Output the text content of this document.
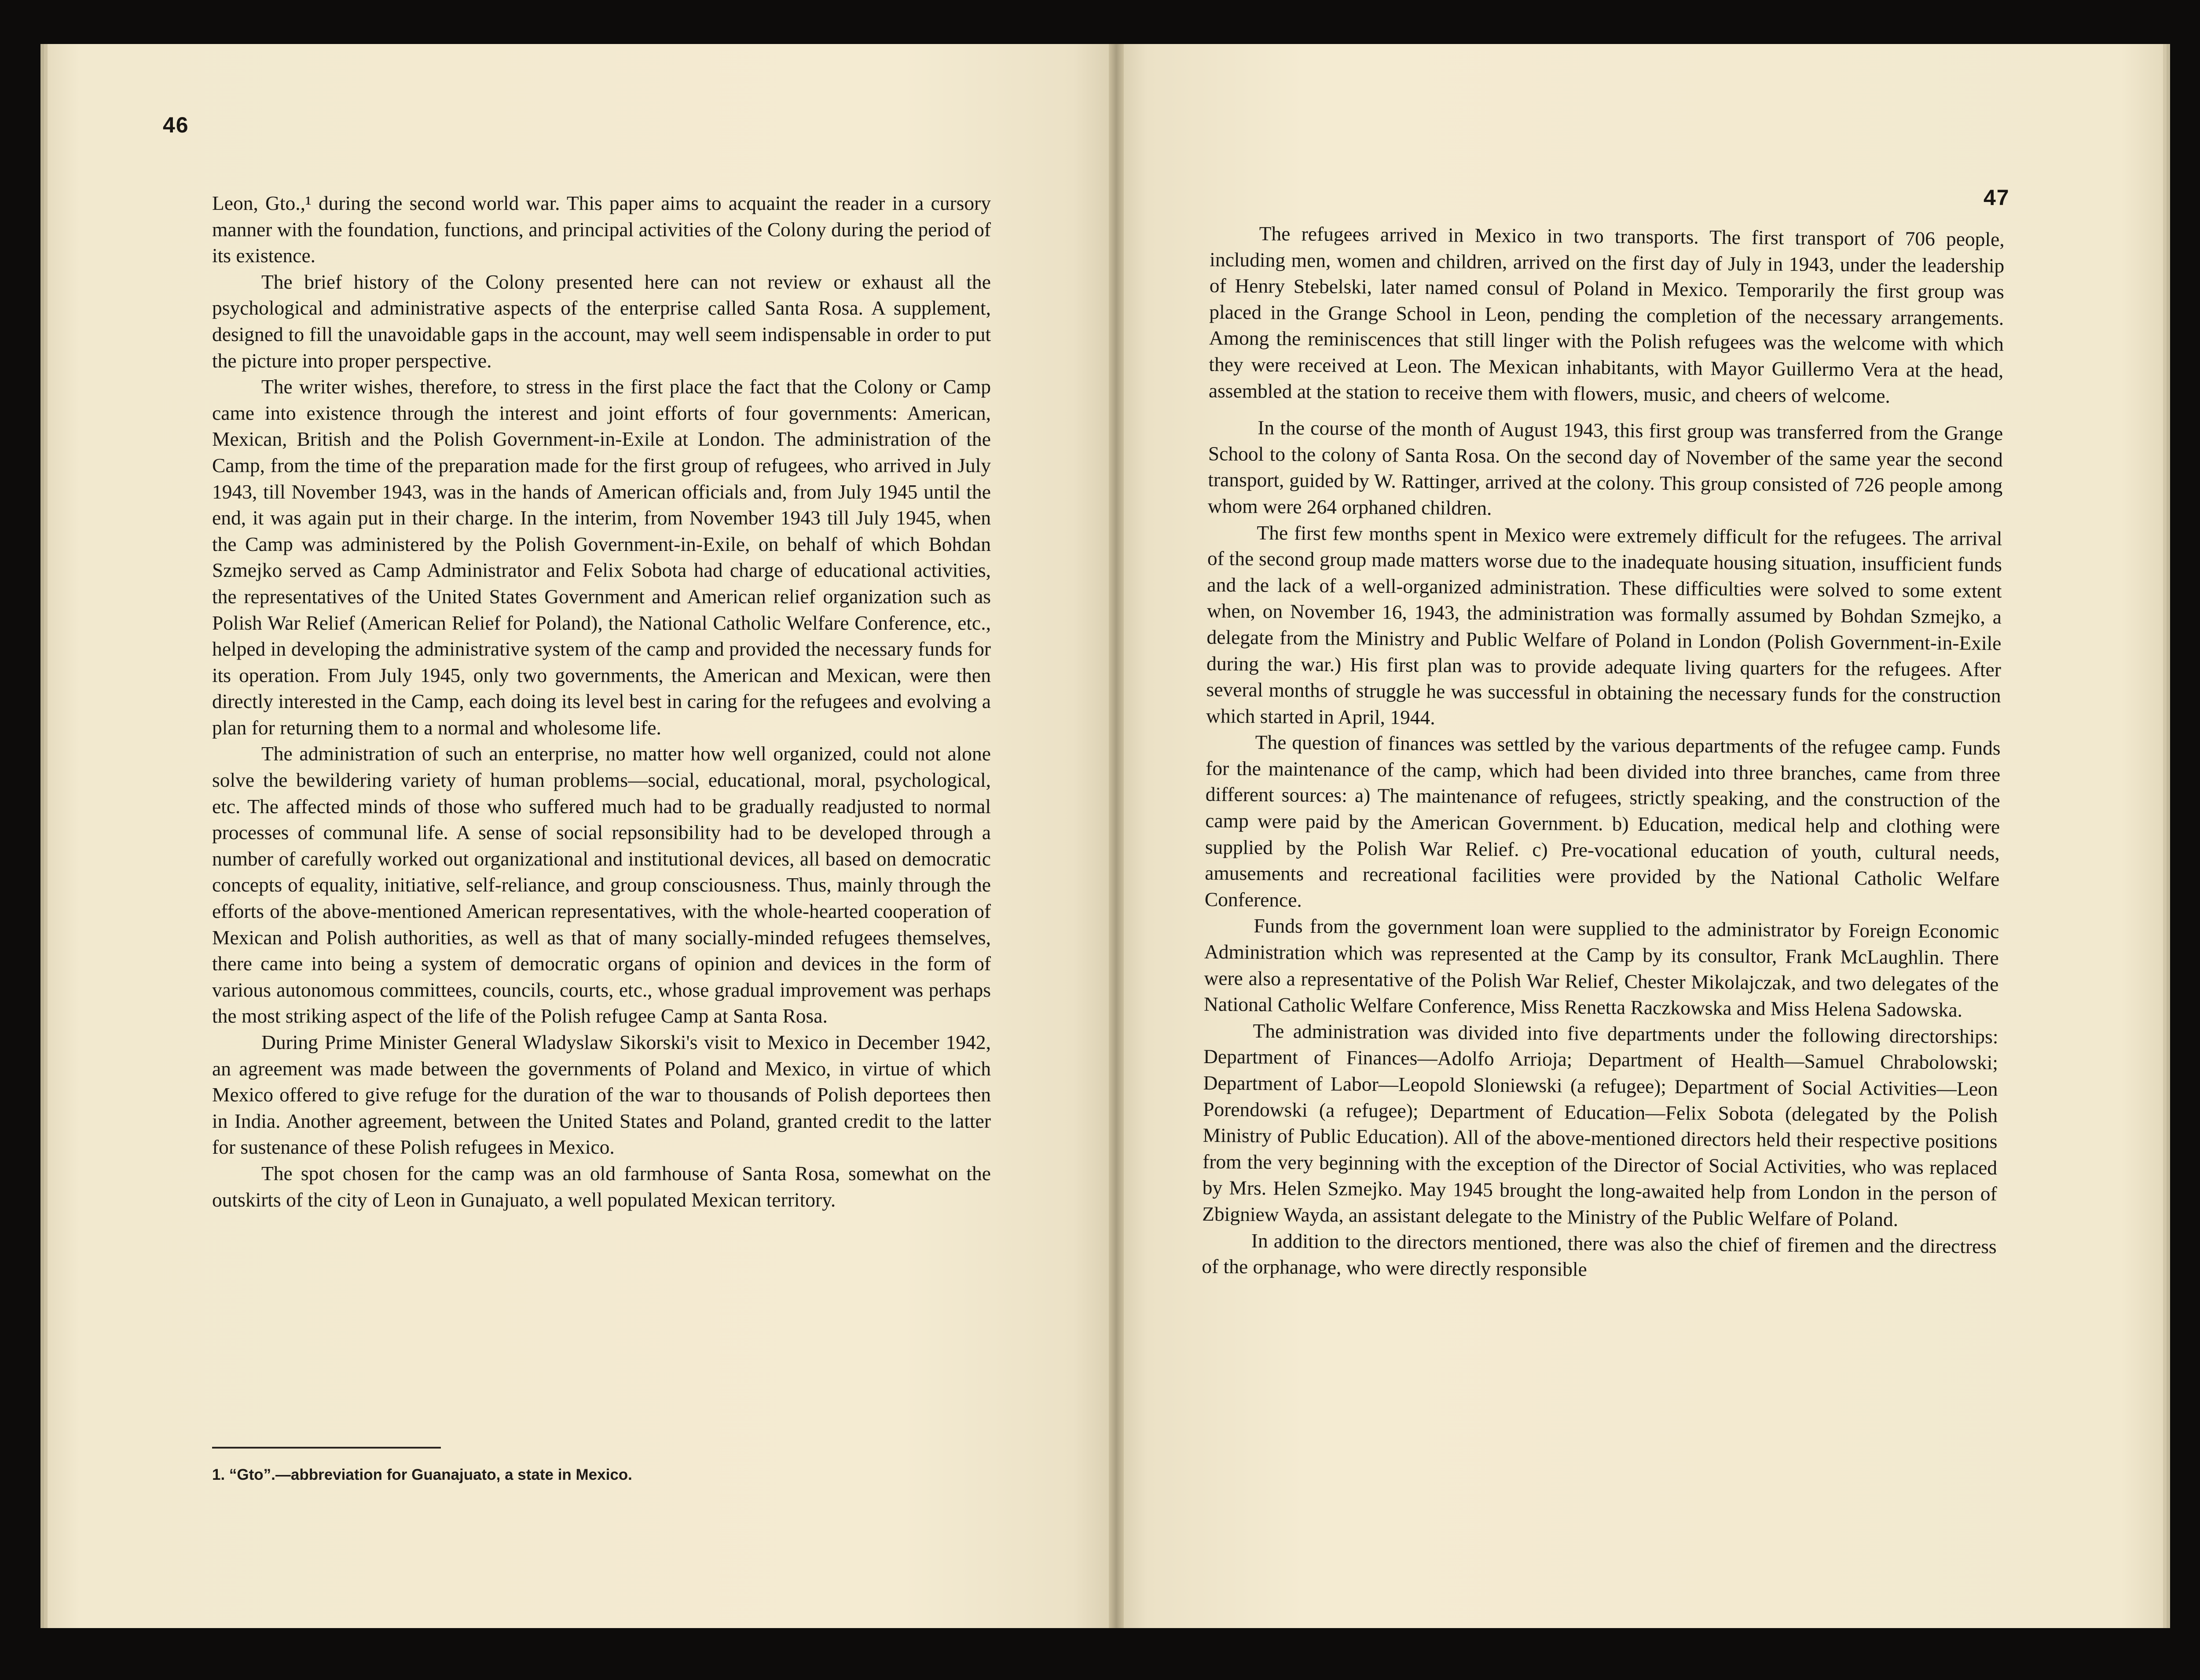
46

Leon, Gto.,¹ during the second world war. This paper aims to acquaint the reader in a cursory manner with the foundation, functions, and principal activities of the Colony during the period of its existence.

The brief history of the Colony presented here can not review or exhaust all the psychological and administrative aspects of the enterprise called Santa Rosa. A supplement, designed to fill the unavoidable gaps in the account, may well seem indispensable in order to put the picture into proper perspective.

The writer wishes, therefore, to stress in the first place the fact that the Colony or Camp came into existence through the interest and joint efforts of four governments: American, Mexican, British and the Polish Government-in-Exile at London. The administration of the Camp, from the time of the preparation made for the first group of refugees, who arrived in July 1943, till November 1943, was in the hands of American officials and, from July 1945 until the end, it was again put in their charge. In the interim, from November 1943 till July 1945, when the Camp was administered by the Polish Government-in-Exile, on behalf of which Bohdan Szmejko served as Camp Administrator and Felix Sobota had charge of educational activities, the representatives of the United States Government and American relief organization such as Polish War Relief (American Relief for Poland), the National Catholic Welfare Conference, etc., helped in developing the administrative system of the camp and provided the necessary funds for its operation. From July 1945, only two governments, the American and Mexican, were then directly interested in the Camp, each doing its level best in caring for the refugees and evolving a plan for returning them to a normal and wholesome life.

The administration of such an enterprise, no matter how well organized, could not alone solve the bewildering variety of human problems—social, educational, moral, psychological, etc. The affected minds of those who suffered much had to be gradually readjusted to normal processes of communal life. A sense of social repsonsibility had to be developed through a number of carefully worked out organizational and institutional devices, all based on democratic concepts of equality, initiative, self-reliance, and group consciousness. Thus, mainly through the efforts of the above-mentioned American representatives, with the whole-hearted cooperation of Mexican and Polish authorities, as well as that of many socially-minded refugees themselves, there came into being a system of democratic organs of opinion and devices in the form of various autonomous committees, councils, courts, etc., whose gradual improvement was perhaps the most striking aspect of the life of the Polish refugee Camp at Santa Rosa.

During Prime Minister General Wladyslaw Sikorski's visit to Mexico in December 1942, an agreement was made between the governments of Poland and Mexico, in virtue of which Mexico offered to give refuge for the duration of the war to thousands of Polish deportees then in India. Another agreement, between the United States and Poland, granted credit to the latter for sustenance of these Polish refugees in Mexico.

The spot chosen for the camp was an old farmhouse of Santa Rosa, somewhat on the outskirts of the city of Leon in Gunajuato, a well populated Mexican territory.

1. “Gto”.—abbreviation for Guanajuato, a state in Mexico.
47

The refugees arrived in Mexico in two transports. The first transport of 706 people, including men, women and children, arrived on the first day of July in 1943, under the leadership of Henry Stebelski, later named consul of Poland in Mexico. Temporarily the first group was placed in the Grange School in Leon, pending the completion of the necessary arrangements. Among the reminiscences that still linger with the Polish refugees was the welcome with which they were received at Leon. The Mexican inhabitants, with Mayor Guillermo Vera at the head, assembled at the station to receive them with flowers, music, and cheers of welcome.

In the course of the month of August 1943, this first group was transferred from the Grange School to the colony of Santa Rosa. On the second day of November of the same year the second transport, guided by W. Rattinger, arrived at the colony. This group consisted of 726 people among whom were 264 orphaned children.

The first few months spent in Mexico were extremely difficult for the refugees. The arrival of the second group made matters worse due to the inadequate housing situation, insufficient funds and the lack of a well-organized administration. These difficulties were solved to some extent when, on November 16, 1943, the administration was formally assumed by Bohdan Szmejko, a delegate from the Ministry and Public Welfare of Poland in London (Polish Government-in-Exile during the war.) His first plan was to provide adequate living quarters for the refugees. After several months of struggle he was successful in obtaining the necessary funds for the construction which started in April, 1944.

The question of finances was settled by the various departments of the refugee camp. Funds for the maintenance of the camp, which had been divided into three branches, came from three different sources: a) The maintenance of refugees, strictly speaking, and the construction of the camp were paid by the American Government. b) Education, medical help and clothing were supplied by the Polish War Relief. c) Pre-vocational education of youth, cultural needs, amusements and recreational facilities were provided by the National Catholic Welfare Conference.

Funds from the government loan were supplied to the administrator by Foreign Economic Administration which was represented at the Camp by its consultor, Frank McLaughlin. There were also a representative of the Polish War Relief, Chester Mikolajczak, and two delegates of the National Catholic Welfare Conference, Miss Renetta Raczkowska and Miss Helena Sadowska.

The administration was divided into five departments under the following directorships: Department of Finances—Adolfo Arrioja; Department of Health—Samuel Chrabolowski; Department of Labor—Leopold Sloniewski (a refugee); Department of Social Activities—Leon Porendowski (a refugee); Department of Education—Felix Sobota (delegated by the Polish Ministry of Public Education). All of the above-mentioned directors held their respective positions from the very beginning with the exception of the Director of Social Activities, who was replaced by Mrs. Helen Szmejko. May 1945 brought the long-awaited help from London in the person of Zbigniew Wayda, an assistant delegate to the Ministry of the Public Welfare of Poland.

In addition to the directors mentioned, there was also the chief of firemen and the directress of the orphanage, who were directly responsible
